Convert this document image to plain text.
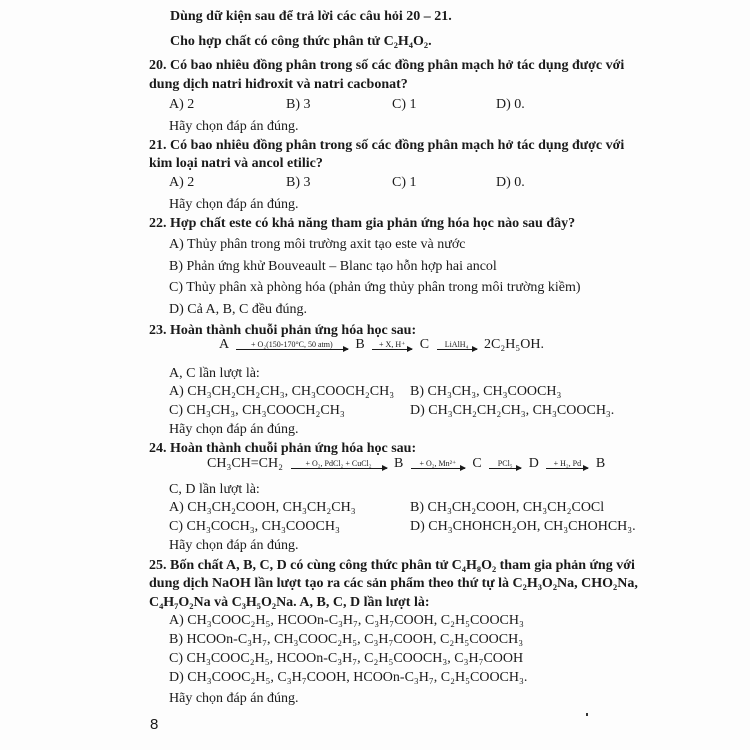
Dùng dữ kiện sau để trả lời các câu hỏi 20 – 21.
Cho hợp chất có công thức phân tử C₂H₄O₂.
20. Có bao nhiêu đồng phân trong số các đồng phân mạch hở tác dụng được với
dung dịch natri hiđroxit và natri cacbonat?
A) 2	B) 3	C) 1	D) 0.
Hãy chọn đáp án đúng.
21. Có bao nhiêu đồng phân trong số các đồng phân mạch hở tác dụng được với
kim loại natri và ancol etilic?
A) 2	B) 3	C) 1	D) 0.
Hãy chọn đáp án đúng.
22. Hợp chất este có khả năng tham gia phản ứng hóa học nào sau đây?
A) Thủy phân trong môi trường axit tạo este và nước
B) Phản ứng khử Bouveault – Blanc tạo hỗn hợp hai ancol
C) Thủy phân xà phòng hóa (phản ứng thủy phân trong môi trường kiềm)
D) Cả A, B, C đều đúng.
23. Hoàn thành chuỗi phản ứng hóa học sau:
A	+ O₂(150-170°C, 50 atm)	B	+ X, H⁺	C	LiAlH₄	2C₂H₅OH.
A, C lần lượt là:
A) CH₃CH₂CH₂CH₃, CH₃COOCH₂CH₃ B) CH₃CH₃, CH₃COOCH₃
C) CH₃CH₃, CH₃COOCH₂CH₃	D) CH₃CH₂CH₂CH₃, CH₃COOCH₃.
Hãy chọn đáp án đúng.
24. Hoàn thành chuỗi phản ứng hóa học sau:
CH₃CH=CH₂	+ O₂, PdCl₂ + CuCl₂	B	+ O₂, Mn²⁺	C	PCl₅	D	+ H₂, Pd	B
C, D lần lượt là:
A) CH₃CH₂COOH, CH₃CH₂CH₃	B) CH₃CH₂COOH, CH₃CH₂COCl
C) CH₃COCH₃, CH₃COOCH₃	D) CH₃CHOHCH₂OH, CH₃CHOHCH₃.
Hãy chọn đáp án đúng.
25. Bốn chất A, B, C, D có cùng công thức phân tử C₄H₈O₂ tham gia phản ứng với
dung dịch NaOH lần lượt tạo ra các sản phẩm theo thứ tự là C₂H₃O₂Na, CHO₂Na,
C₄H₇O₂Na và C₃H₅O₂Na. A, B, C, D lần lượt là:
A) CH₃COOC₂H₅, HCOOn-C₃H₇, C₃H₇COOH, C₂H₅COOCH₃
B) HCOOn-C₃H₇, CH₃COOC₂H₅, C₃H₇COOH, C₂H₅COOCH₃
C) CH₃COOC₂H₅, HCOOn-C₃H₇, C₂H₅COOCH₃, C₃H₇COOH
D) CH₃COOC₂H₅, C₃H₇COOH, HCOOn-C₃H₇, C₂H₅COOCH₃.
Hãy chọn đáp án đúng.
8
